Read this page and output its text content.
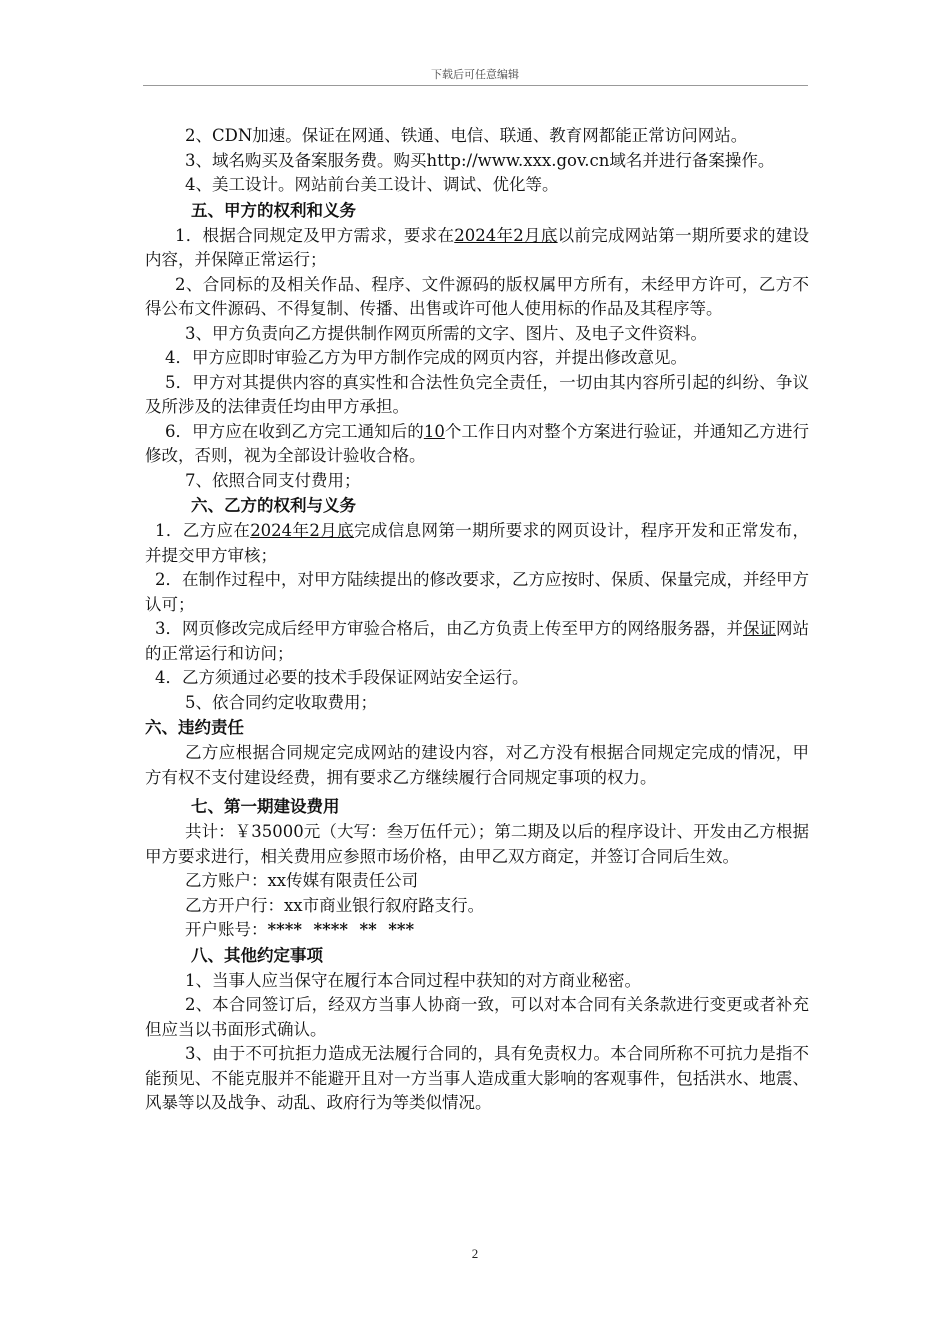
下载后可任意编辑

2、CDN加速。保证在网通、铁通、电信、联通、教育网都能正常访问网站。

3、域名购买及备案服务费。购买http://www.xxx.gov.cn域名并进行备案操作。

4、美工设计。网站前台美工设计、调试、优化等。

五、甲方的权利和义务

1．根据合同规定及甲方需求，要求在2024年2月底以前完成网站第一期所要求的建设内容，并保障正常运行；

2、合同标的及相关作品、程序、文件源码的版权属甲方所有，未经甲方许可，乙方不得公布文件源码、不得复制、传播、出售或许可他人使用标的作品及其程序等。

3、甲方负责向乙方提供制作网页所需的文字、图片、及电子文件资料。

4．甲方应即时审验乙方为甲方制作完成的网页内容，并提出修改意见。

5．甲方对其提供内容的真实性和合法性负完全责任，一切由其内容所引起的纠纷、争议及所涉及的法律责任均由甲方承担。

6．甲方应在收到乙方完工通知后的10个工作日内对整个方案进行验证，并通知乙方进行修改，否则，视为全部设计验收合格。

7、依照合同支付费用；

六、乙方的权利与义务

1．乙方应在2024年2月底完成信息网第一期所要求的网页设计，程序开发和正常发布，并提交甲方审核；

2．在制作过程中，对甲方陆续提出的修改要求，乙方应按时、保质、保量完成，并经甲方认可；

3．网页修改完成后经甲方审验合格后，由乙方负责上传至甲方的网络服务器，并保证网站的正常运行和访问；

4．乙方须通过必要的技术手段保证网站安全运行。

5、依合同约定收取费用；

六、违约责任

乙方应根据合同规定完成网站的建设内容，对乙方没有根据合同规定完成的情况，甲方有权不支付建设经费，拥有要求乙方继续履行合同规定事项的权力。

七、第一期建设费用

共计：￥35000元（大写：叁万伍仟元）；第二期及以后的程序设计、开发由乙方根据甲方要求进行，相关费用应参照市场价格，由甲乙双方商定，并签订合同后生效。

乙方账户：xx传媒有限责任公司

乙方开户行：xx市商业银行叙府路支行。

开户账号：****  ****  **  ***

八、其他约定事项

1、当事人应当保守在履行本合同过程中获知的对方商业秘密。

2、本合同签订后，经双方当事人协商一致，可以对本合同有关条款进行变更或者补充但应当以书面形式确认。

3、由于不可抗拒力造成无法履行合同的，具有免责权力。本合同所称不可抗力是指不能预见、不能克服并不能避开且对一方当事人造成重大影响的客观事件，包括洪水、地震、风暴等以及战争、动乱、政府行为等类似情况。

2
